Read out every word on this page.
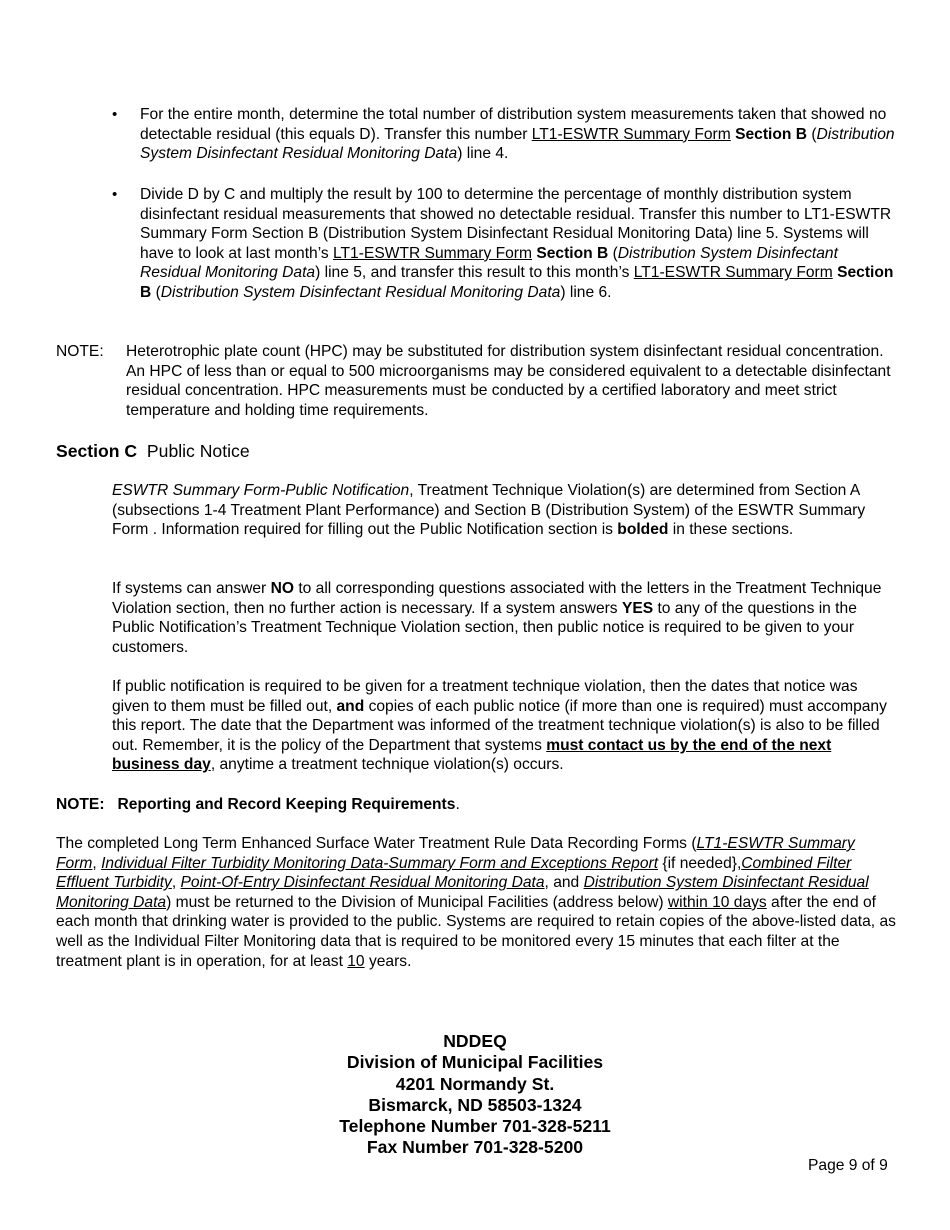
• For the entire month, determine the total number of distribution system measurements taken that showed no detectable residual (this equals D). Transfer this number LT1-ESWTR Summary Form Section B (Distribution System Disinfectant Residual Monitoring Data) line 4.

• Divide D by C and multiply the result by 100 to determine the percentage of monthly distribution system disinfectant residual measurements that showed no detectable residual. Transfer this number to LT1-ESWTR Summary Form Section B (Distribution System Disinfectant Residual Monitoring Data) line 5. Systems will have to look at last month’s LT1-ESWTR Summary Form Section B (Distribution System Disinfectant Residual Monitoring Data) line 5, and transfer this result to this month’s LT1-ESWTR Summary Form Section B (Distribution System Disinfectant Residual Monitoring Data) line 6.

NOTE: Heterotrophic plate count (HPC) may be substituted for distribution system disinfectant residual concentration. An HPC of less than or equal to 500 microorganisms may be considered equivalent to a detectable disinfectant residual concentration. HPC measurements must be conducted by a certified laboratory and meet strict temperature and holding time requirements.

Section C Public Notice

ESWTR Summary Form-Public Notification, Treatment Technique Violation(s) are determined from Section A (subsections 1-4 Treatment Plant Performance) and Section B (Distribution System) of the ESWTR Summary Form . Information required for filling out the Public Notification section is bolded in these sections.

If systems can answer NO to all corresponding questions associated with the letters in the Treatment Technique Violation section, then no further action is necessary. If a system answers YES to any of the questions in the Public Notification’s Treatment Technique Violation section, then public notice is required to be given to your customers.

If public notification is required to be given for a treatment technique violation, then the dates that notice was given to them must be filled out, and copies of each public notice (if more than one is required) must accompany this report. The date that the Department was informed of the treatment technique violation(s) is also to be filled out. Remember, it is the policy of the Department that systems must contact us by the end of the next business day, anytime a treatment technique violation(s) occurs.

NOTE: Reporting and Record Keeping Requirements.

The completed Long Term Enhanced Surface Water Treatment Rule Data Recording Forms (LT1-ESWTR Summary Form, Individual Filter Turbidity Monitoring Data-Summary Form and Exceptions Report {if needed},Combined Filter Effluent Turbidity, Point-Of-Entry Disinfectant Residual Monitoring Data, and Distribution System Disinfectant Residual Monitoring Data) must be returned to the Division of Municipal Facilities (address below) within 10 days after the end of each month that drinking water is provided to the public. Systems are required to retain copies of the above-listed data, as well as the Individual Filter Monitoring data that is required to be monitored every 15 minutes that each filter at the treatment plant is in operation, for at least 10 years.

NDDEQ
Division of Municipal Facilities
4201 Normandy St.
Bismarck, ND 58503-1324
Telephone Number 701-328-5211
Fax Number 701-328-5200
Page 9 of 9
